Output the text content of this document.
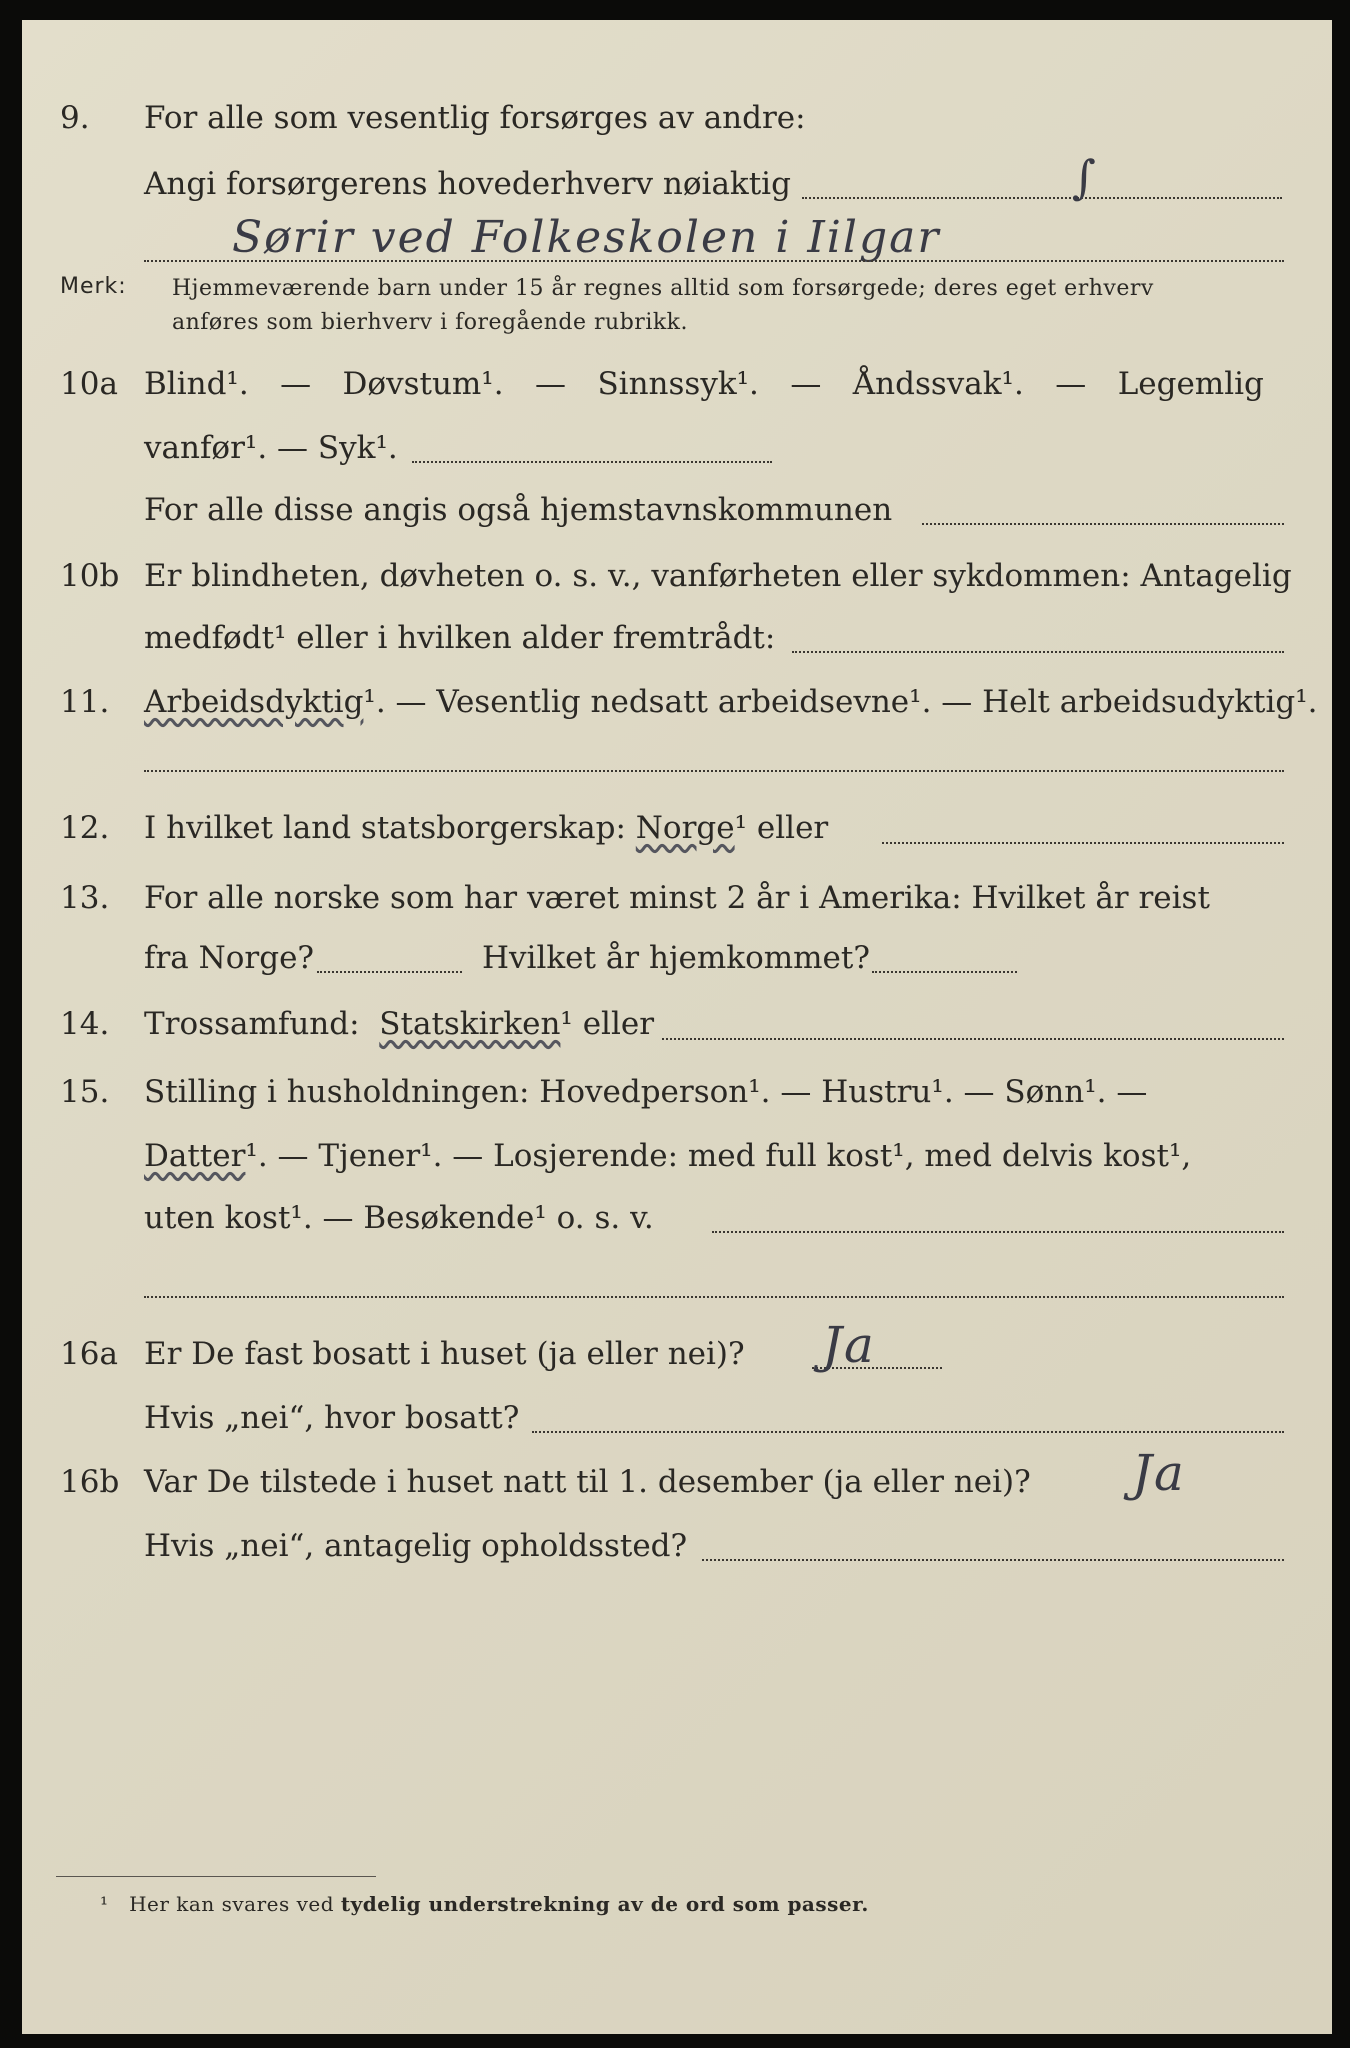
9. For alle som vesentlig forsørges av andre:
Angi forsørgerens hovederhverv nøiaktig	∫
Sørir ved Folkeskolen i Iilgar
Merk: Hjemmeværende barn under 15 år regnes alltid som forsørgede; deres eget erhverv
anføres som bierhverv i foregående rubrikk.
10a Blind¹. — Døvstum¹. — Sinnssyk¹. — Åndssvak¹. — Legemlig
vanfør¹. — Syk¹.
For alle disse angis også hjemstavnskommunen
10b Er blindheten, døvheten o. s. v., vanførheten eller sykdommen: Antagelig
medfødt¹ eller i hvilken alder fremtrådt:
11. Arbeidsdyktig¹. — Vesentlig nedsatt arbeidsevne¹. — Helt arbeidsudyktig¹.
12. I hvilket land statsborgerskap: Norge¹ eller
13. For alle norske som har været minst 2 år i Amerika: Hvilket år reist
fra Norge?	Hvilket år hjemkommet?
14. Trossamfund: Statskirken¹ eller
15. Stilling i husholdningen: Hovedperson¹. — Hustru¹. — Sønn¹. —
Datter¹. — Tjener¹. — Losjerende: med full kost¹, med delvis kost¹,
uten kost¹. — Besøkende¹ o. s. v.
16a Er De fast bosatt i huset (ja eller nei)? Ja
Hvis „nei“, hvor bosatt?
16b Var De tilstede i huset natt til 1. desember (ja eller nei)? Ja
Hvis „nei“, antagelig opholdssted?
¹ Her kan svares ved tydelig understrekning av de ord som passer.
